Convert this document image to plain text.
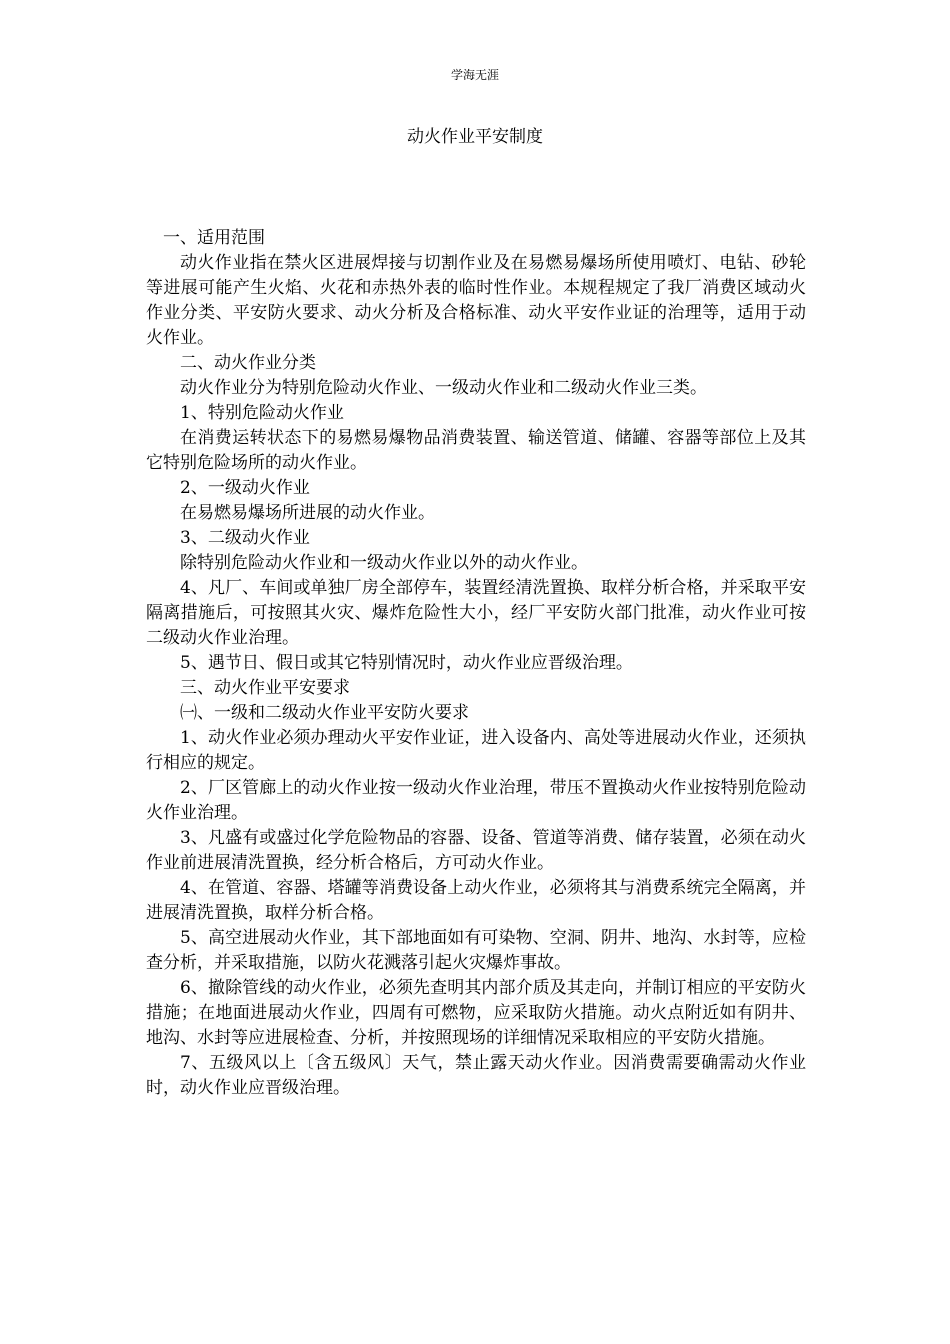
学海无涯
动火作业平安制度

一、适用范围

动火作业指在禁火区进展焊接与切割作业及在易燃易爆场所使用喷灯、电钻、砂轮等进展可能产生火焰、火花和赤热外表的临时性作业。本规程规定了我厂消费区域动火作业分类、平安防火要求、动火分析及合格标准、动火平安作业证的治理等，适用于动火作业。

二、动火作业分类

动火作业分为特别危险动火作业、一级动火作业和二级动火作业三类。

1、特别危险动火作业

在消费运转状态下的易燃易爆物品消费装置、输送管道、储罐、容器等部位上及其它特别危险场所的动火作业。

2、一级动火作业

在易燃易爆场所进展的动火作业。

3、二级动火作业

除特别危险动火作业和一级动火作业以外的动火作业。

4、凡厂、车间或单独厂房全部停车，装置经清洗置换、取样分析合格，并采取平安隔离措施后，可按照其火灾、爆炸危险性大小，经厂平安防火部门批准，动火作业可按二级动火作业治理。

5、遇节日、假日或其它特别情况时，动火作业应晋级治理。

三、动火作业平安要求

㈠、一级和二级动火作业平安防火要求

1、动火作业必须办理动火平安作业证，进入设备内、高处等进展动火作业，还须执行相应的规定。

2、厂区管廊上的动火作业按一级动火作业治理，带压不置换动火作业按特别危险动火作业治理。

3、凡盛有或盛过化学危险物品的容器、设备、管道等消费、储存装置，必须在动火作业前进展清洗置换，经分析合格后，方可动火作业。

4、在管道、容器、塔罐等消费设备上动火作业，必须将其与消费系统完全隔离，并进展清洗置换，取样分析合格。

5、高空进展动火作业，其下部地面如有可染物、空洞、阴井、地沟、水封等，应检查分析，并采取措施，以防火花溅落引起火灾爆炸事故。

6、撤除管线的动火作业，必须先查明其内部介质及其走向，并制订相应的平安防火措施；在地面进展动火作业，四周有可燃物，应采取防火措施。动火点附近如有阴井、地沟、水封等应进展检查、分析，并按照现场的详细情况采取相应的平安防火措施。

7、五级风以上〔含五级风〕天气，禁止露天动火作业。因消费需要确需动火作业时，动火作业应晋级治理。
